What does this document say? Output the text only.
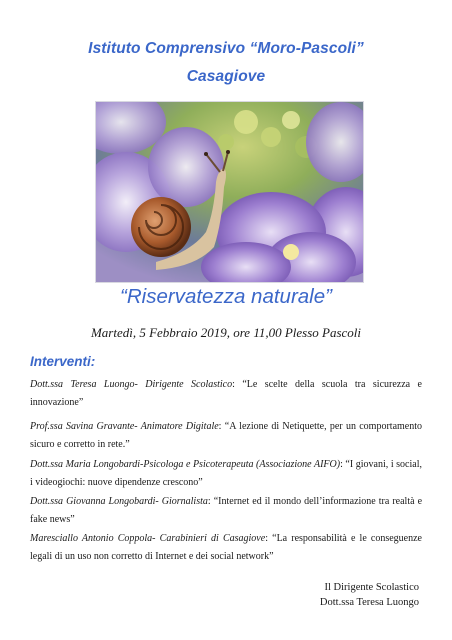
Istituto Comprensivo “Moro-Pascoli”
Casagiove
“Riservatezza naturale”
Martedì, 5 Febbraio 2019, ore 11,00 Plesso Pascoli
Interventi:
Dott.ssa Teresa Luongo- Dirigente Scolastico: “Le scelte della scuola tra sicurezza e innovazione”
Prof.ssa Savina Gravante- Animatore Digitale: “A lezione di Netiquette, per un comportamento sicuro e corretto in rete.”
Dott.ssa Maria Longobardi-Psicologa e Psicoterapeuta (Associazione AIFO): “I giovani, i social, i videogiochi: nuove dipendenze crescono”
Dott.ssa Giovanna Longobardi- Giornalista: “Internet ed il mondo dell’informazione tra realtà e fake news”
Maresciallo Antonio Coppola- Carabinieri di Casagiove: “La responsabilità e le conseguenze legali di un uso non corretto di Internet e dei social network”
Il Dirigente Scolastico
Dott.ssa Teresa Luongo
